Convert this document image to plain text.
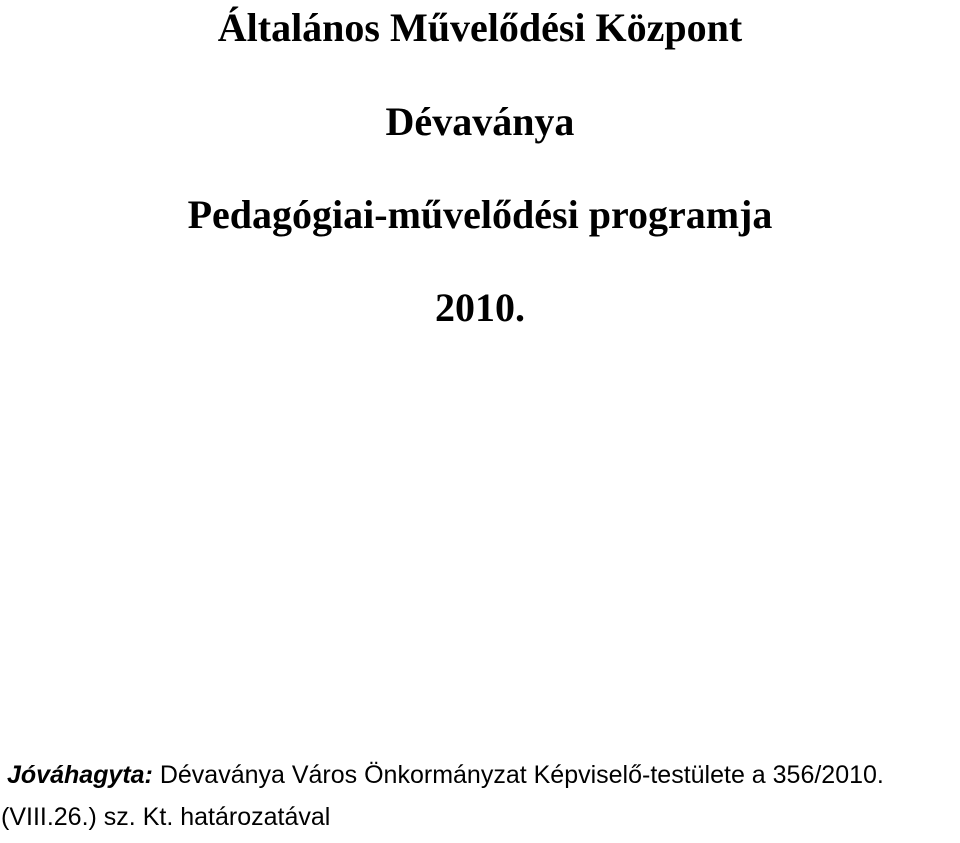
Általános Művelődési Központ
Dévaványa
Pedagógiai-művelődési programja
2010.
Jóváhagyta: Dévaványa Város Önkormányzat Képviselő-testülete a 356/2010.
(VIII.26.) sz. Kt. határozatával
